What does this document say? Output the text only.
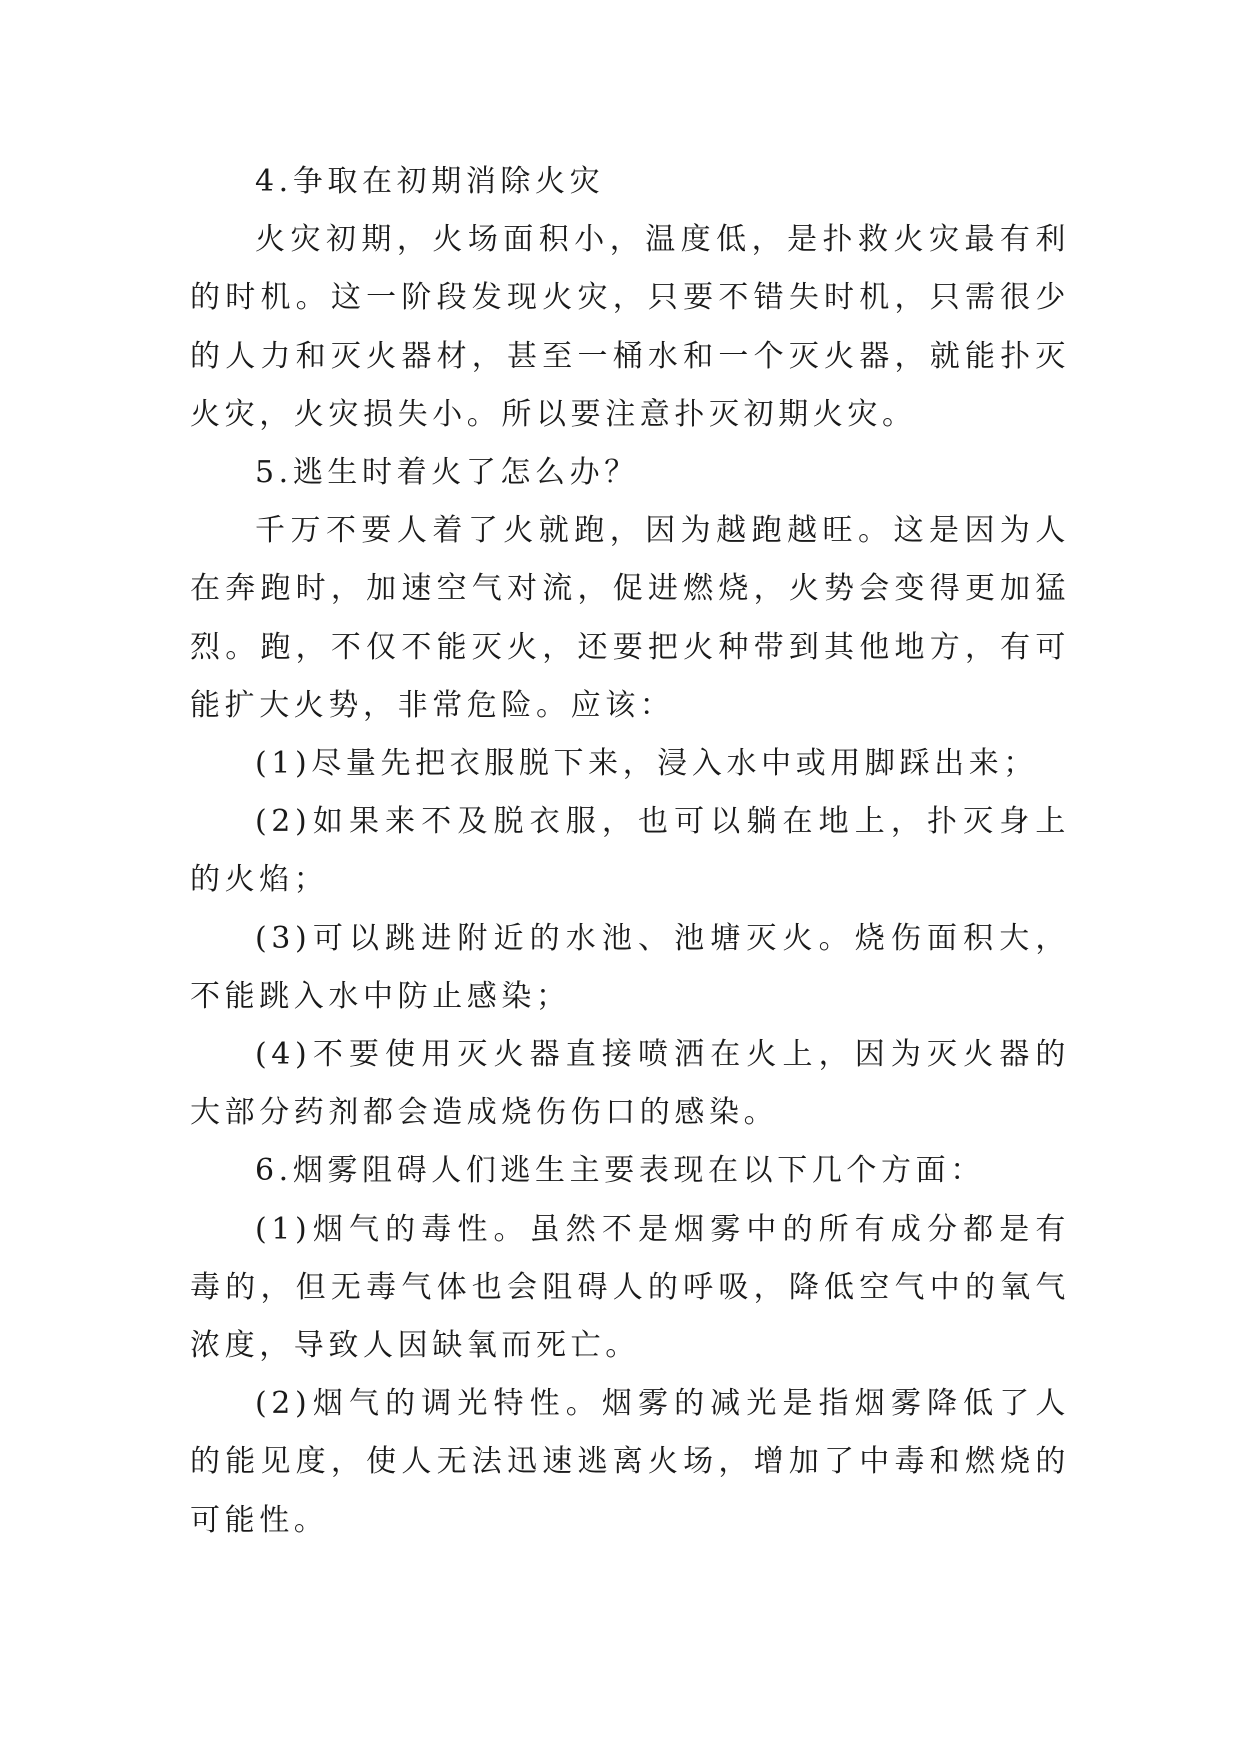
4.争取在初期消除火灾

火灾初期，火场面积小，温度低，是扑救火灾最有利的时机。这一阶段发现火灾，只要不错失时机，只需很少的人力和灭火器材，甚至一桶水和一个灭火器，就能扑灭火灾，火灾损失小。所以要注意扑灭初期火灾。

5.逃生时着火了怎么办？

千万不要人着了火就跑，因为越跑越旺。这是因为人在奔跑时，加速空气对流，促进燃烧，火势会变得更加猛烈。跑，不仅不能灭火，还要把火种带到其他地方，有可能扩大火势，非常危险。应该：

(1)尽量先把衣服脱下来，浸入水中或用脚踩出来；

(2)如果来不及脱衣服，也可以躺在地上，扑灭身上的火焰；

(3)可以跳进附近的水池、池塘灭火。烧伤面积大，不能跳入水中防止感染；

(4)不要使用灭火器直接喷洒在火上，因为灭火器的大部分药剂都会造成烧伤伤口的感染。

6.烟雾阻碍人们逃生主要表现在以下几个方面：

(1)烟气的毒性。虽然不是烟雾中的所有成分都是有毒的，但无毒气体也会阻碍人的呼吸，降低空气中的氧气浓度，导致人因缺氧而死亡。

(2)烟气的调光特性。烟雾的减光是指烟雾降低了人的能见度，使人无法迅速逃离火场，增加了中毒和燃烧的可能性。
